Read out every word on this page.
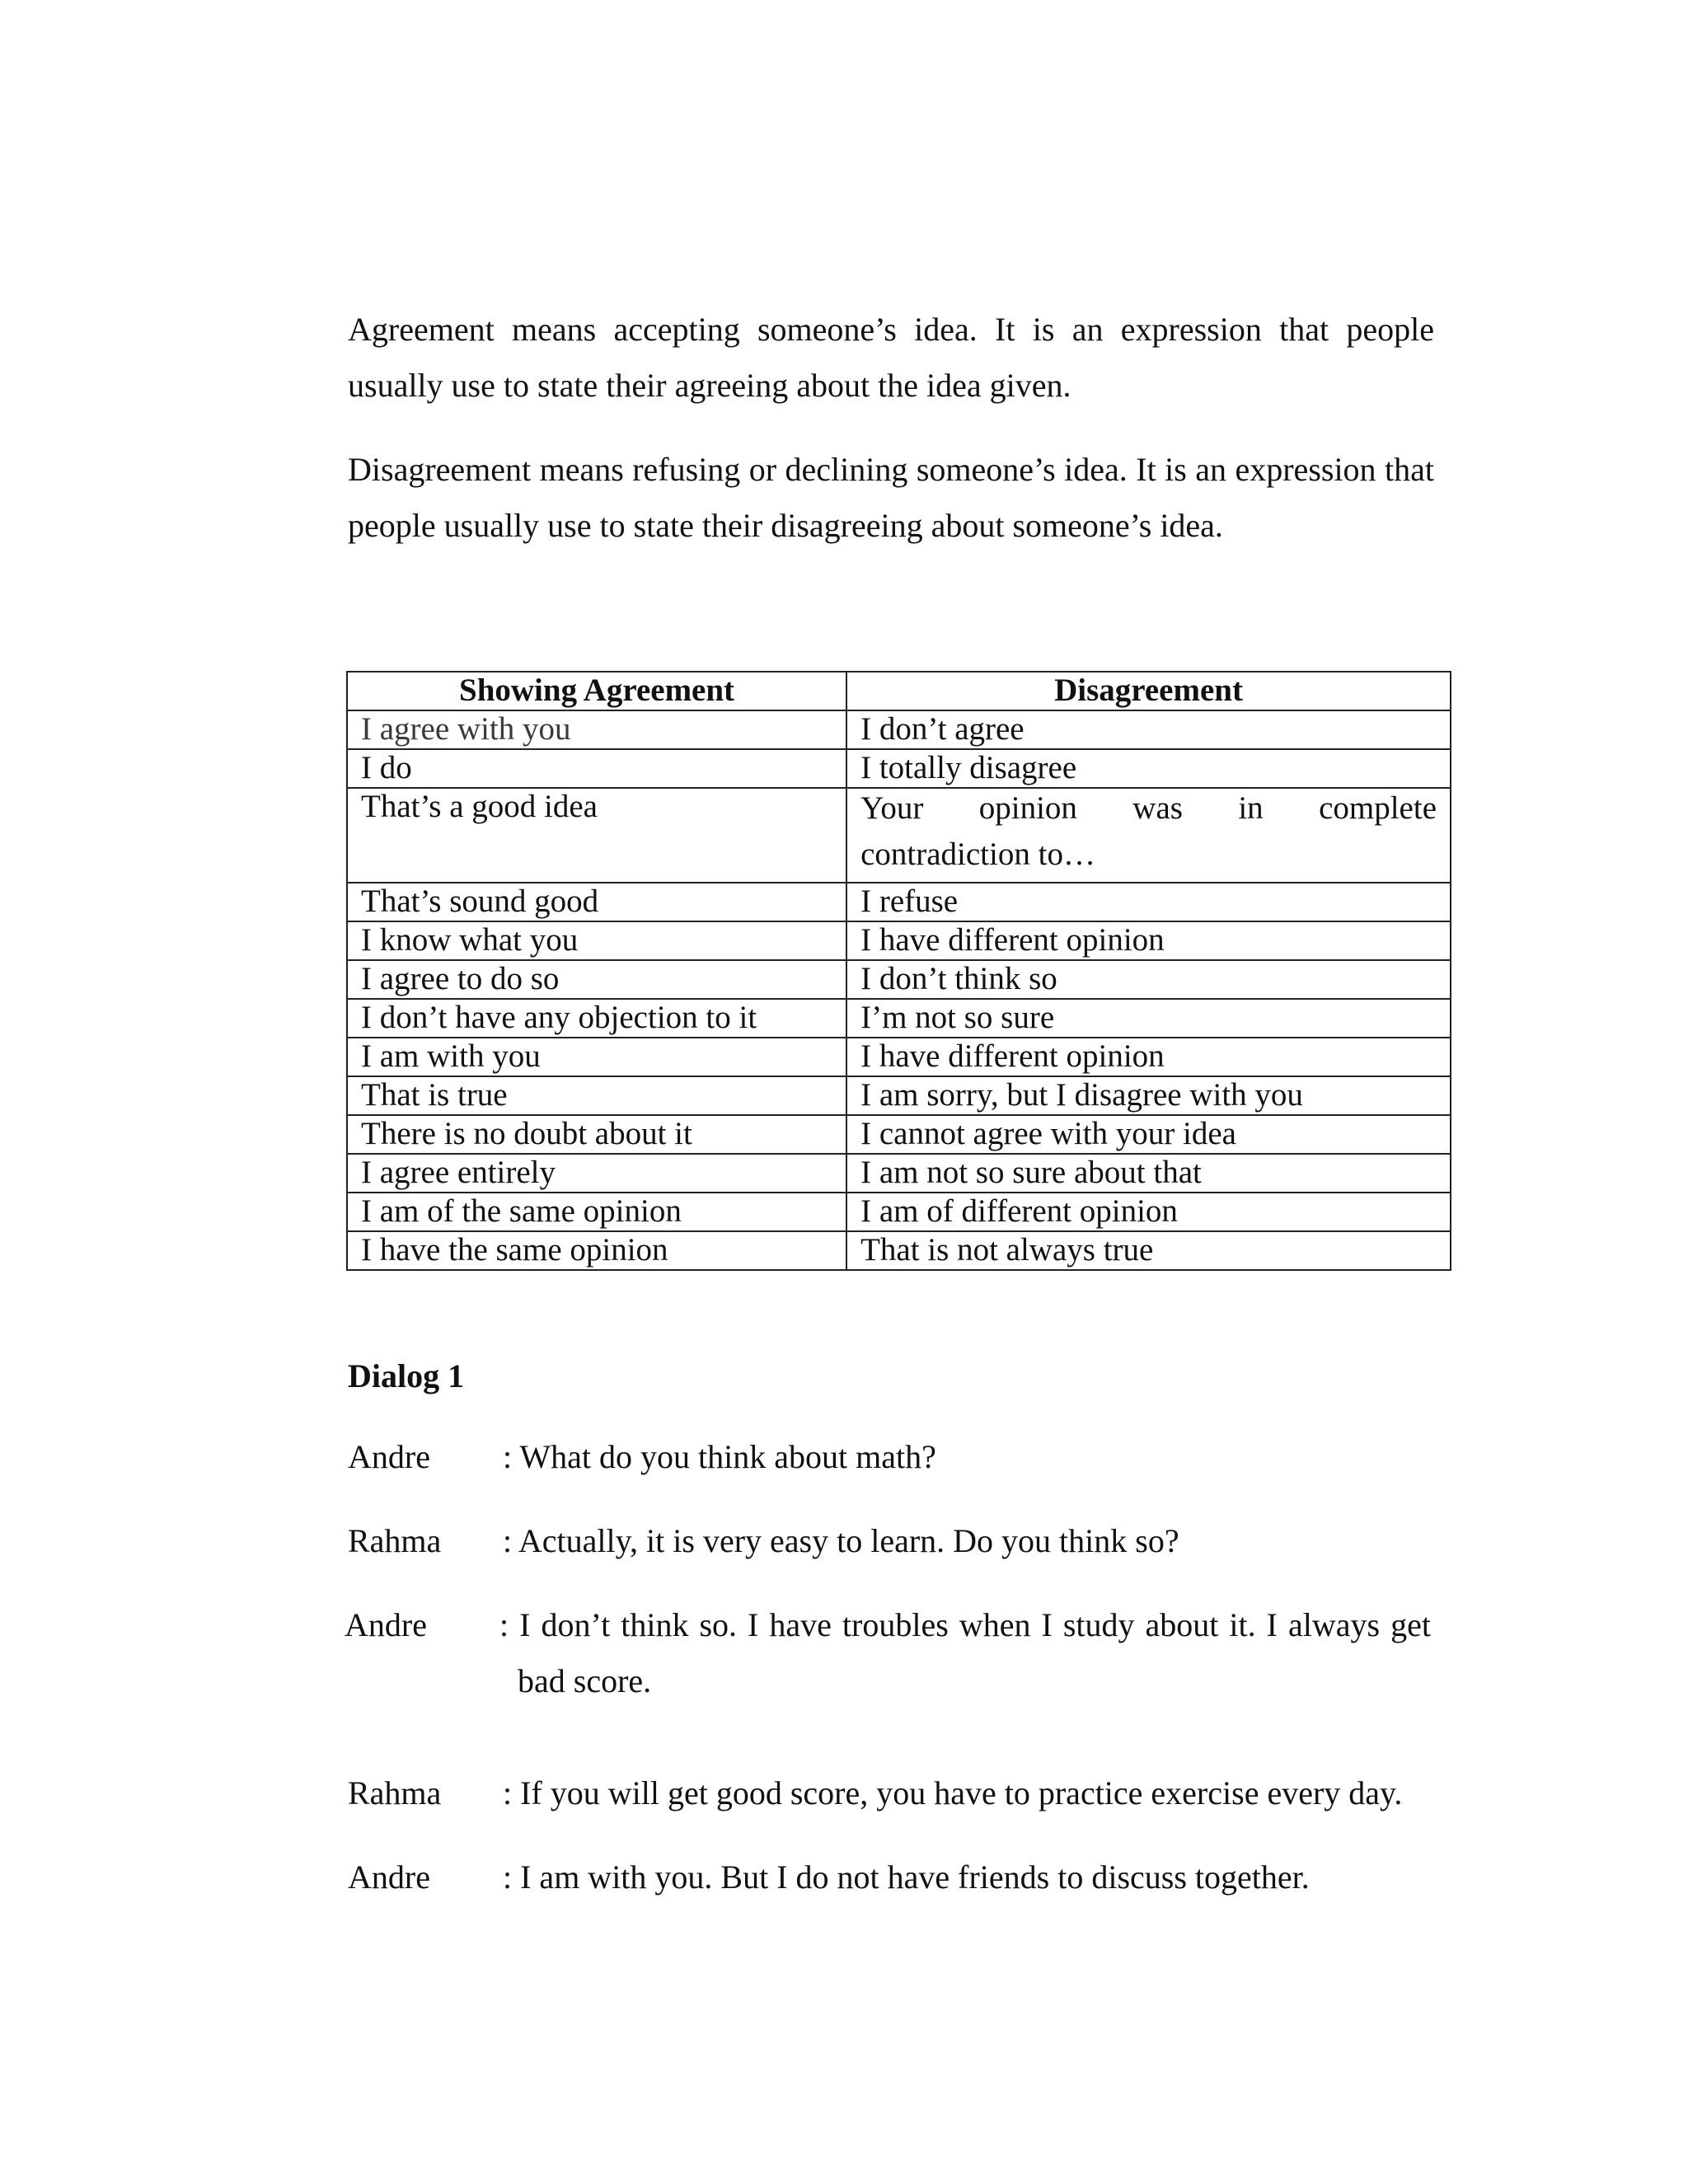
Agreement means accepting someone’s idea. It is an expression that people usually use to state their agreeing about the idea given.

Disagreement means refusing or declining someone’s idea. It is an expression that people usually use to state their disagreeing about someone’s idea.

Showing Agreement	Disagreement
I agree with you	I don’t agree
I do	I totally disagree
That’s a good idea	Your opinion was in complete
contradiction to…

That’s sound good	I refuse
I know what you	I have different opinion
I agree to do so	I don’t think so
I don’t have any objection to it	I’m not so sure
I am with you	I have different opinion
That is true	I am sorry, but I disagree with you
There is no doubt about it	I cannot agree with your idea
I agree entirely	I am not so sure about that
I am of the same opinion	I am of different opinion
I have the same opinion	That is not always true
Dialog 1
Andre	: What do you think about math?
Rahma	: Actually, it is very easy to learn. Do you think so?
Andre	: I don’t think so. I have troubles when I study about it. I always get
bad score.
Rahma	: If you will get good score, you have to practice exercise every day.
Andre	: I am with you. But I do not have friends to discuss together.
